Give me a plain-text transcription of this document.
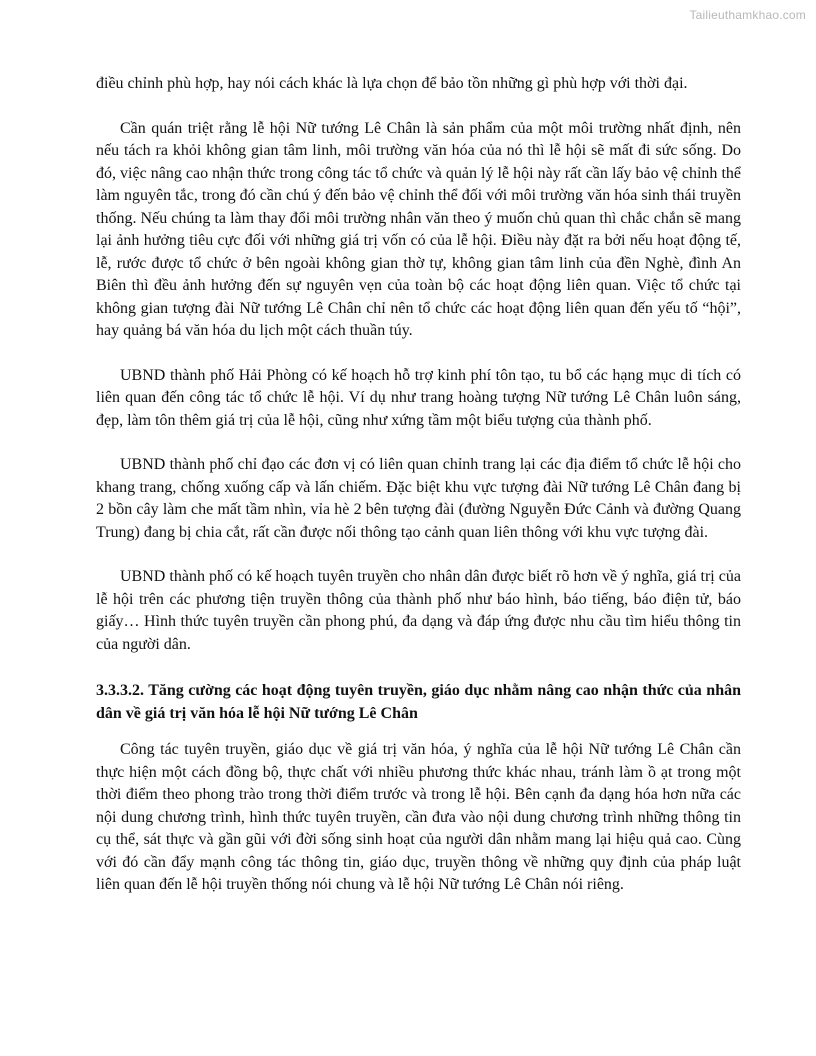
Tailieuthamkhao.com

điều chỉnh phù hợp, hay nói cách khác là lựa chọn để bảo tồn những gì phù hợp với thời đại.

Cần quán triệt rằng lễ hội Nữ tướng Lê Chân là sản phẩm của một môi trường nhất định, nên nếu tách ra khỏi không gian tâm linh, môi trường văn hóa của nó thì lễ hội sẽ mất đi sức sống. Do đó, việc nâng cao nhận thức trong công tác tổ chức và quản lý lễ hội này rất cần lấy bảo vệ chỉnh thể làm nguyên tắc, trong đó cần chú ý đến bảo vệ chỉnh thể đối với môi trường văn hóa sinh thái truyền thống. Nếu chúng ta làm thay đổi môi trường nhân văn theo ý muốn chủ quan thì chắc chắn sẽ mang lại ảnh hưởng tiêu cực đối với những giá trị vốn có của lễ hội. Điều này đặt ra bởi nếu hoạt động tế, lễ, rước được tổ chức ở bên ngoài không gian thờ tự, không gian tâm linh của đền Nghè, đình An Biên thì đều ảnh hưởng đến sự nguyên vẹn của toàn bộ các hoạt động liên quan. Việc tổ chức tại không gian tượng đài Nữ tướng Lê Chân chỉ nên tổ chức các hoạt động liên quan đến yếu tố “hội”, hay quảng bá văn hóa du lịch một cách thuần túy.

UBND thành phố Hải Phòng có kế hoạch hỗ trợ kinh phí tôn tạo, tu bổ các hạng mục di tích có liên quan đến công tác tổ chức lễ hội. Ví dụ như trang hoàng tượng Nữ tướng Lê Chân luôn sáng, đẹp, làm tôn thêm giá trị của lễ hội, cũng như xứng tầm một biểu tượng của thành phố.

UBND thành phố chỉ đạo các đơn vị có liên quan chỉnh trang lại các địa điểm tổ chức lễ hội cho khang trang, chống xuống cấp và lấn chiếm. Đặc biệt khu vực tượng đài Nữ tướng Lê Chân đang bị 2 bồn cây làm che mất tầm nhìn, vỉa hè 2 bên tượng đài (đường Nguyễn Đức Cảnh và đường Quang Trung) đang bị chia cắt, rất cần được nối thông tạo cảnh quan liên thông với khu vực tượng đài.

UBND thành phố có kế hoạch tuyên truyền cho nhân dân được biết rõ hơn về ý nghĩa, giá trị của lễ hội trên các phương tiện truyền thông của thành phố như báo hình, báo tiếng, báo điện tử, báo giấy… Hình thức tuyên truyền cần phong phú, đa dạng và đáp ứng được nhu cầu tìm hiểu thông tin của người dân.

3.3.3.2. Tăng cường các hoạt động tuyên truyền, giáo dục nhằm nâng cao nhận thức của nhân dân về giá trị văn hóa lễ hội Nữ tướng Lê Chân

Công tác tuyên truyền, giáo dục về giá trị văn hóa, ý nghĩa của lễ hội Nữ tướng Lê Chân cần thực hiện một cách đồng bộ, thực chất với nhiều phương thức khác nhau, tránh làm ồ ạt trong một thời điểm theo phong trào trong thời điểm trước và trong lễ hội. Bên cạnh đa dạng hóa hơn nữa các nội dung chương trình, hình thức tuyên truyền, cần đưa vào nội dung chương trình những thông tin cụ thể, sát thực và gần gũi với đời sống sinh hoạt của người dân nhằm mang lại hiệu quả cao. Cùng với đó cần đẩy mạnh công tác thông tin, giáo dục, truyền thông về những quy định của pháp luật liên quan đến lễ hội truyền thống nói chung và lễ hội Nữ tướng Lê Chân nói riêng.
